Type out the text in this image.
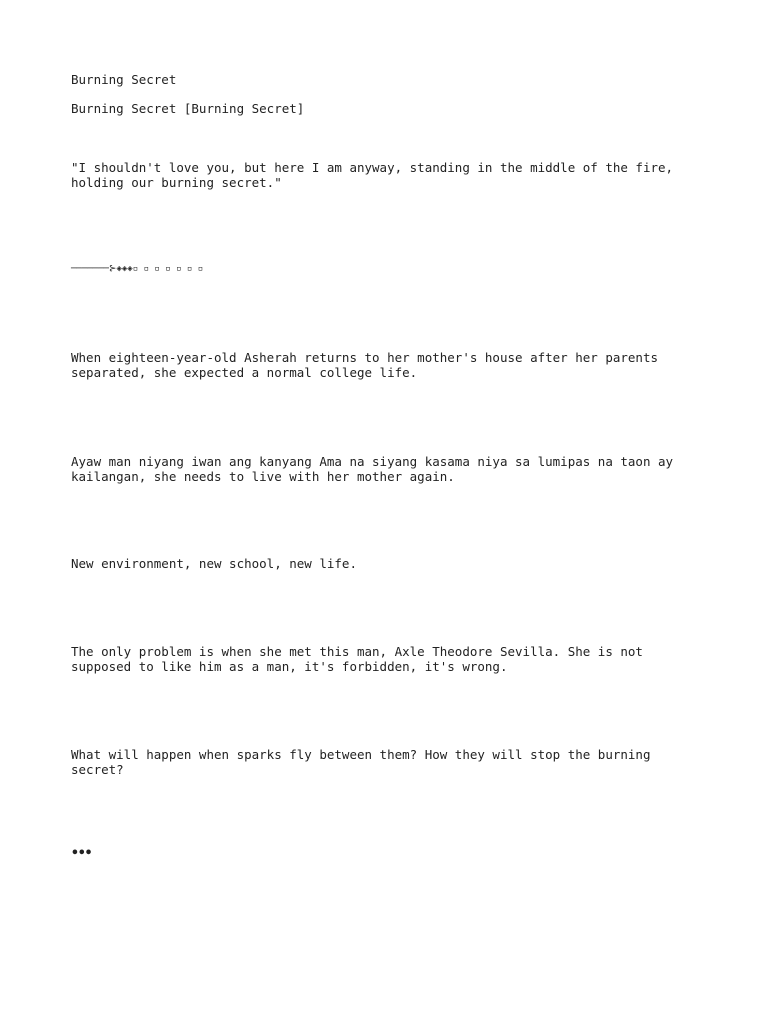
Burning Secret
Burning Secret [Burning Secret]
"I shouldn't love you, but here I am anyway, standing in the middle of the fire, holding our burning secret."
───────⊱◈◈◈▫ ▫ ▫ ▫ ▫ ▫ ▫
When eighteen-year-old Asherah returns to her mother's house after her parents separated, she expected a normal college life.
Ayaw man niyang iwan ang kanyang Ama na siyang kasama niya sa lumipas na taon ay kailangan, she needs to live with her mother again.
New environment, new school, new life.
The only problem is when she met this man, Axle Theodore Sevilla. She is not supposed to like him as a man, it's forbidden, it's wrong.
What will happen when sparks fly between them? How they will stop the burning secret?
•••
